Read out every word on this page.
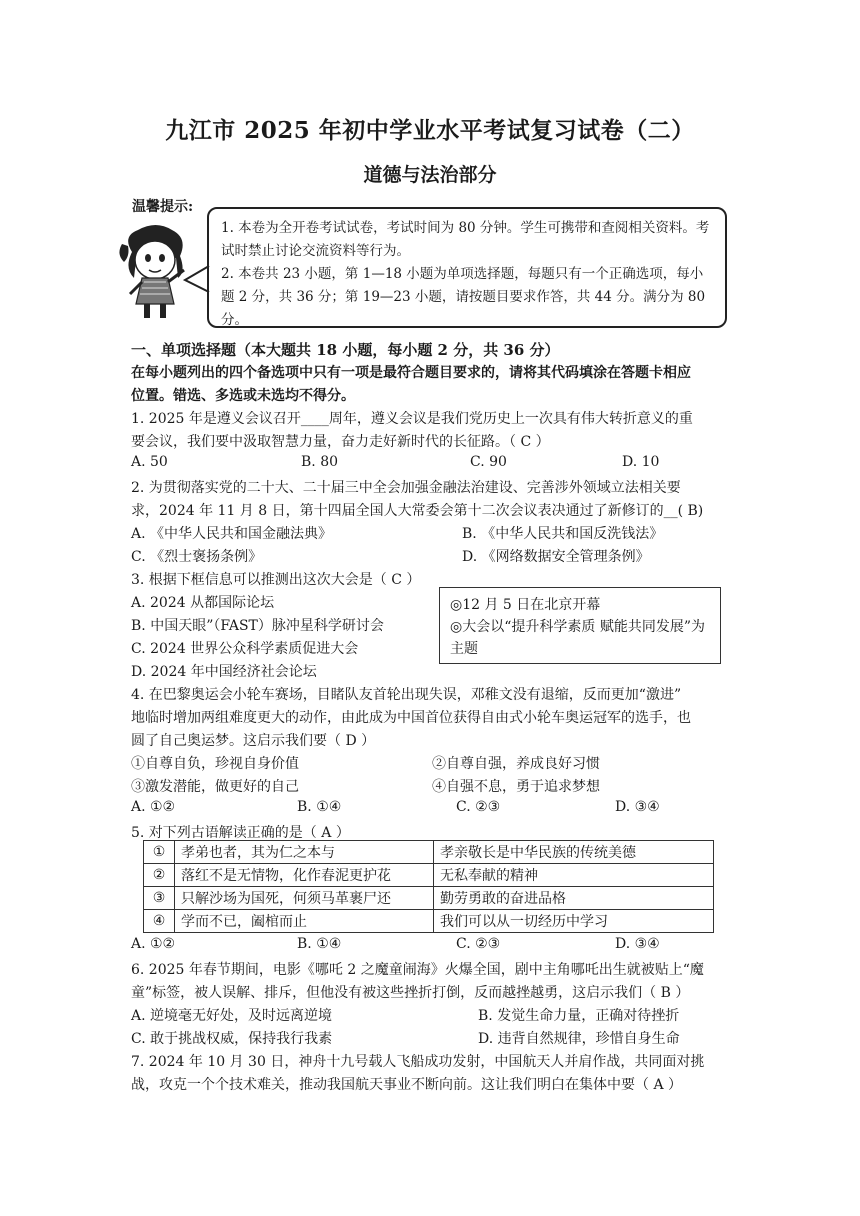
九江市 2025 年初中学业水平考试复习试卷（二）
道德与法治部分
温馨提示:

1. 本卷为全开卷考试试卷，考试时间为 80 分钟。学生可携带和查阅相关资料。考试时禁止讨论交流资料等行为。

2. 本卷共 23 小题，第 1—18 小题为单项选择题，每题只有一个正确选项，每小题 2 分，共 36 分；第 19—23 小题，请按题目要求作答，共 44 分。满分为 80 分。

一、单项选择题（本大题共 18 小题，每小题 2 分，共 36 分）
在每小题列出的四个备选项中只有一项是最符合题目要求的，请将其代码填涂在答题卡相应
位置。错选、多选或未选均不得分。
1. 2025 年是遵义会议召开____周年，遵义会议是我们党历史上一次具有伟大转折意义的重
要会议，我们要中汲取智慧力量，奋力走好新时代的长征路。（ C ）
A. 50	B. 80	C. 90	D. 10
2. 为贯彻落实党的二十大、二十届三中全会加强金融法治建设、完善涉外领域立法相关要
求，2024 年 11 月 8 日，第十四届全国人大常委会第十二次会议表决通过了新修订的__( B)
A. 《中华人民共和国金融法典》	B. 《中华人民共和国反洗钱法》
C. 《烈士褒扬条例》	D. 《网络数据安全管理条例》
3. 根据下框信息可以推测出这次大会是（ C ）
A. 2024 从都国际论坛
B. 中国天眼”（FAST）脉冲星科学研讨会
C. 2024 世界公众科学素质促进大会
D. 2024 年中国经济社会论坛
◎12 月 5 日在北京开幕
◎大会以“提升科学素质 赋能共同发展”为主题
4. 在巴黎奥运会小轮车赛场，目睹队友首轮出现失误，邓稚文没有退缩，反而更加“激进”
地临时增加两组难度更大的动作，由此成为中国首位获得自由式小轮车奥运冠军的选手，也
圆了自己奥运梦。这启示我们要（ D ）
①自尊自负，珍视自身价值	②自尊自强，养成良好习惯
③激发潜能，做更好的自己	④自强不息，勇于追求梦想
A. ①②	B. ①④	C. ②③	D. ③④
5. 对下列古语解读正确的是（ A ）
①	孝弟也者，其为仁之本与	孝亲敬长是中华民族的传统美德
②	落红不是无情物，化作春泥更护花	无私奉献的精神
③	只解沙场为国死，何须马革裹尸还	勤劳勇敢的奋进品格
④	学而不已，阖棺而止	我们可以从一切经历中学习
A. ①②	B. ①④	C. ②③	D. ③④
6. 2025 年春节期间，电影《哪吒 2 之魔童闹海》火爆全国，剧中主角哪吒出生就被贴上“魔
童”标签，被人误解、排斥，但他没有被这些挫折打倒，反而越挫越勇，这启示我们（ B ）
A. 逆境毫无好处，及时远离逆境	B. 发觉生命力量，正确对待挫折
C. 敢于挑战权威，保持我行我素	D. 违背自然规律，珍惜自身生命
7. 2024 年 10 月 30 日，神舟十九号载人飞船成功发射，中国航天人并肩作战，共同面对挑
战，攻克一个个技术难关，推动我国航天事业不断向前。这让我们明白在集体中要（ A ）
